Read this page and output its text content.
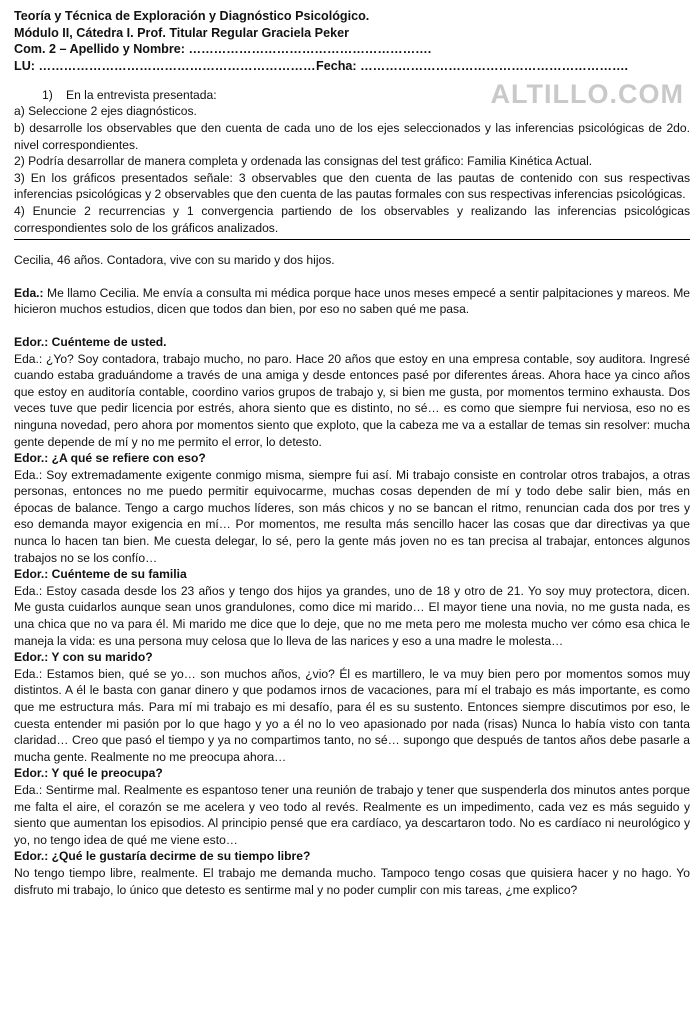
ALTILLO.COM
Teoría y Técnica de Exploración y Diagnóstico Psicológico.
Módulo II, Cátedra I. Prof. Titular Regular Graciela Peker
Com. 2 – Apellido y Nombre: ………………………………………………….
LU: ………………………………………………………… Fecha: ……………………………………………………….
1) En la entrevista presentada:

a) Seleccione 2 ejes diagnósticos.

b) desarrolle los observables que den cuenta de cada uno de los ejes seleccionados y las inferencias psicológicas de 2do. nivel correspondientes.

2) Podría desarrollar de manera completa y ordenada las consignas del test gráfico: Familia Kinética Actual.

3) En los gráficos presentados señale: 3 observables que den cuenta de las pautas de contenido con sus respectivas inferencias psicológicas y 2 observables que den cuenta de las pautas formales con sus respectivas inferencias psicológicas.

4) Enuncie 2 recurrencias y 1 convergencia partiendo de los observables y realizando las inferencias psicológicas correspondientes solo de los gráficos analizados.

Cecilia, 46 años. Contadora, vive con su marido y dos hijos.

Eda.: Me llamo Cecilia. Me envía a consulta mi médica porque hace unos meses empecé a sentir palpitaciones y mareos. Me hicieron muchos estudios, dicen que todos dan bien, por eso no saben qué me pasa.

Edor.: Cuénteme de usted.

Eda.: ¿Yo? Soy contadora, trabajo mucho, no paro. Hace 20 años que estoy en una empresa contable, soy auditora. Ingresé cuando estaba graduándome a través de una amiga y desde entonces pasé por diferentes áreas. Ahora hace ya cinco años que estoy en auditoría contable, coordino varios grupos de trabajo y, si bien me gusta, por momentos termino exhausta. Dos veces tuve que pedir licencia por estrés, ahora siento que es distinto, no sé… es como que siempre fui nerviosa, eso no es ninguna novedad, pero ahora por momentos siento que exploto, que la cabeza me va a estallar de temas sin resolver: mucha gente depende de mí y no me permito el error, lo detesto.

Edor.: ¿A qué se refiere con eso?

Eda.: Soy extremadamente exigente conmigo misma, siempre fui así. Mi trabajo consiste en controlar otros trabajos, a otras personas, entonces no me puedo permitir equivocarme, muchas cosas dependen de mí y todo debe salir bien, más en épocas de balance. Tengo a cargo muchos líderes, son más chicos y no se bancan el ritmo, renuncian cada dos por tres y eso demanda mayor exigencia en mí… Por momentos, me resulta más sencillo hacer las cosas que dar directivas ya que nunca lo hacen tan bien. Me cuesta delegar, lo sé, pero la gente más joven no es tan precisa al trabajar, entonces algunos trabajos no se los confío…

Edor.: Cuénteme de su familia

Eda.: Estoy casada desde los 23 años y tengo dos hijos ya grandes, uno de 18 y otro de 21. Yo soy muy protectora, dicen. Me gusta cuidarlos aunque sean unos grandulones, como dice mi marido… El mayor tiene una novia, no me gusta nada, es una chica que no va para él. Mi marido me dice que lo deje, que no me meta pero me molesta mucho ver cómo esa chica le maneja la vida: es una persona muy celosa que lo lleva de las narices y eso a una madre le molesta…

Edor.: Y con su marido?

Eda.: Estamos bien, qué se yo… son muchos años, ¿vio? Él es martillero, le va muy bien pero por momentos somos muy distintos. A él le basta con ganar dinero y que podamos irnos de vacaciones, para mí el trabajo es más importante, es como que me estructura más. Para mí mi trabajo es mi desafío, para él es su sustento. Entonces siempre discutimos por eso, le cuesta entender mi pasión por lo que hago y yo a él no lo veo apasionado por nada (risas) Nunca lo había visto con tanta claridad… Creo que pasó el tiempo y ya no compartimos tanto, no sé… supongo que después de tantos años debe pasarle a mucha gente. Realmente no me preocupa ahora…

Edor.: Y qué le preocupa?

Eda.: Sentirme mal. Realmente es espantoso tener una reunión de trabajo y tener que suspenderla dos minutos antes porque me falta el aire, el corazón se me acelera y veo todo al revés. Realmente es un impedimento, cada vez es más seguido y siento que aumentan los episodios. Al principio pensé que era cardíaco, ya descartaron todo. No es cardíaco ni neurológico y yo, no tengo idea de qué me viene esto…

Edor.: ¿Qué le gustaría decirme de su tiempo libre?

No tengo tiempo libre, realmente. El trabajo me demanda mucho. Tampoco tengo cosas que quisiera hacer y no hago. Yo disfruto mi trabajo, lo único que detesto es sentirme mal y no poder cumplir con mis tareas, ¿me explico?
